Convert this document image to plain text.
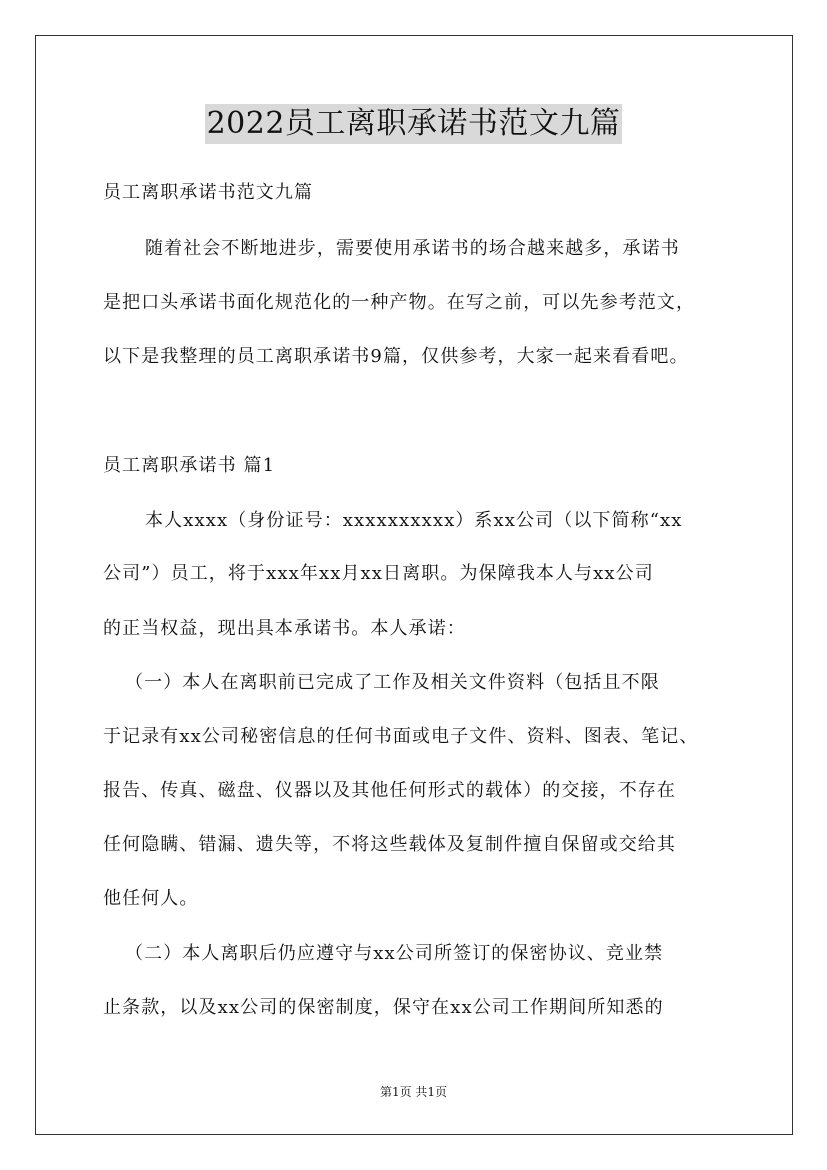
2022员工离职承诺书范文九篇
员工离职承诺书范文九篇
随着社会不断地进步，需要使用承诺书的场合越来越多，承诺书
是把口头承诺书面化规范化的一种产物。在写之前，可以先参考范文，
以下是我整理的员工离职承诺书9篇，仅供参考，大家一起来看看吧。
员工离职承诺书 篇1
本人xxxx（身份证号：xxxxxxxxxx）系xx公司（以下简称“xx
公司”）员工，将于xxx年xx月xx日离职。为保障我本人与xx公司
的正当权益，现出具本承诺书。本人承诺：
（一）本人在离职前已完成了工作及相关文件资料（包括且不限
于记录有xx公司秘密信息的任何书面或电子文件、资料、图表、笔记、
报告、传真、磁盘、仪器以及其他任何形式的载体）的交接，不存在
任何隐瞒、错漏、遗失等，不将这些载体及复制件擅自保留或交给其
他任何人。
（二）本人离职后仍应遵守与xx公司所签订的保密协议、竞业禁
止条款，以及xx公司的保密制度，保守在xx公司工作期间所知悉的
第1页 共1页
